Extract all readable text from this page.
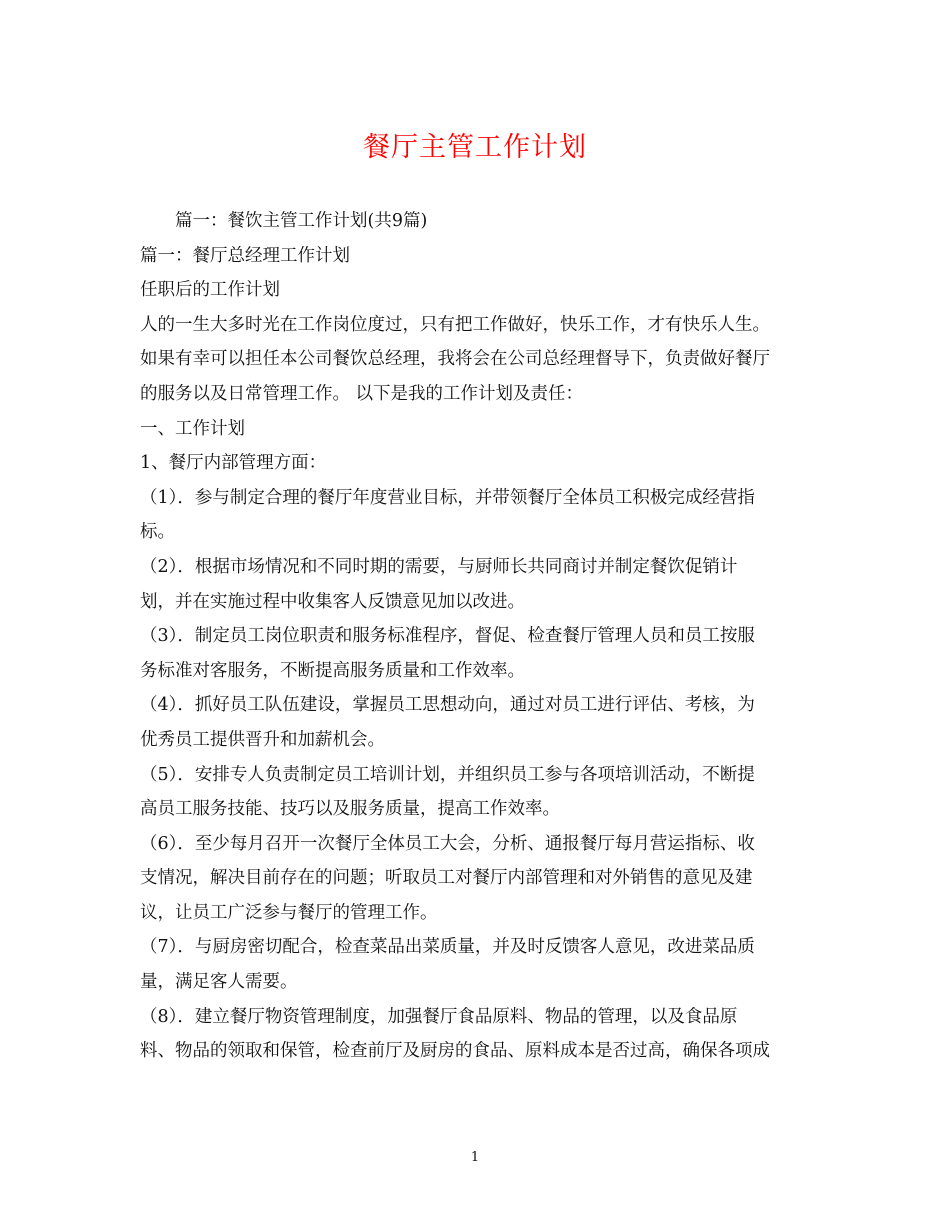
餐厅主管工作计划
篇一：餐饮主管工作计划(共9篇)
篇一：餐厅总经理工作计划
任职后的工作计划
人的一生大多时光在工作岗位度过，只有把工作做好，快乐工作，才有快乐人生。
如果有幸可以担任本公司餐饮总经理，我将会在公司总经理督导下，负责做好餐厅
的服务以及日常管理工作。 以下是我的工作计划及责任：
一、工作计划
1、餐厅内部管理方面：
（1）．参与制定合理的餐厅年度营业目标，并带领餐厅全体员工积极完成经营指
标。
（2）．根据市场情况和不同时期的需要，与厨师长共同商讨并制定餐饮促销计
划，并在实施过程中收集客人反馈意见加以改进。
（3）．制定员工岗位职责和服务标准程序，督促、检查餐厅管理人员和员工按服
务标准对客服务，不断提高服务质量和工作效率。
（4）．抓好员工队伍建设，掌握员工思想动向，通过对员工进行评估、考核，为
优秀员工提供晋升和加薪机会。
（5）．安排专人负责制定员工培训计划，并组织员工参与各项培训活动，不断提
高员工服务技能、技巧以及服务质量，提高工作效率。
（6）．至少每月召开一次餐厅全体员工大会，分析、通报餐厅每月营运指标、收
支情况，解决目前存在的问题；听取员工对餐厅内部管理和对外销售的意见及建
议，让员工广泛参与餐厅的管理工作。
（7）．与厨房密切配合，检查菜品出菜质量，并及时反馈客人意见，改进菜品质
量，满足客人需要。
（8）．建立餐厅物资管理制度，加强餐厅食品原料、物品的管理，以及食品原
料、物品的领取和保管，检查前厅及厨房的食品、原料成本是否过高，确保各项成
1
